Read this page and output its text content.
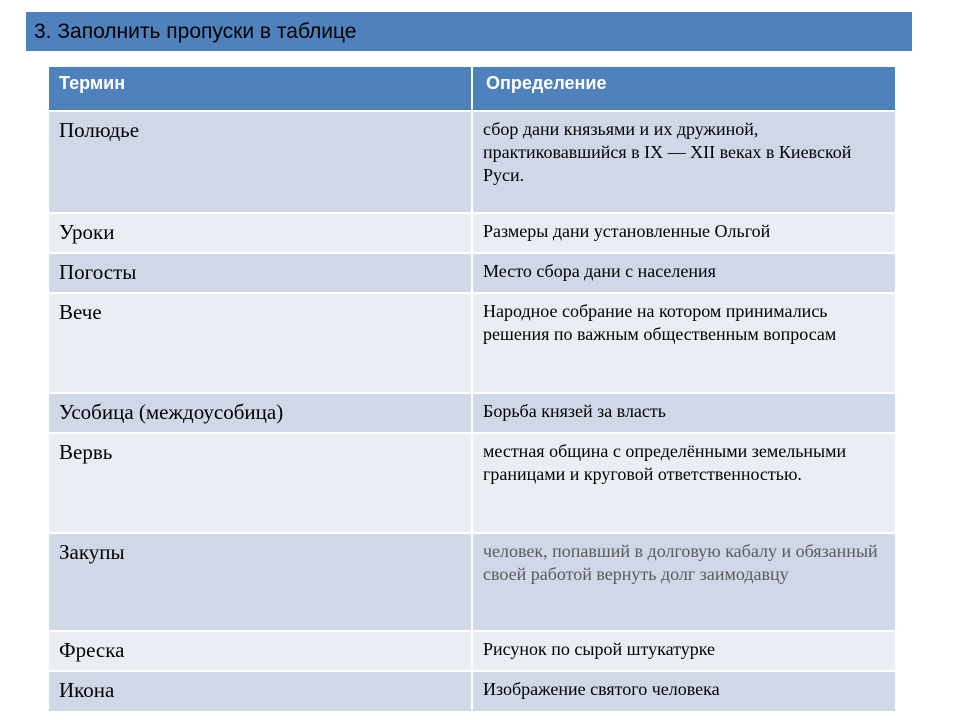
3. Заполнить пропуски в таблице
Термин	Определение
Полюдье	сбор дани князьями и их дружиной, практиковавшийся в IX — XII веках в Киевской Руси.
Уроки	Размеры дани установленные Ольгой
Погосты	Место сбора дани с населения
Вече	Народное собрание на котором принимались решения по важным общественным вопросам
Усобица (междоусобица)	Борьба князей за власть
Вервь	местная община с определёнными земельными границами и круговой ответственностью.
Закупы	человек, попавший в долговую кабалу и обязанный своей работой вернуть долг заимодавцу
Фреска	Рисунок по сырой штукатурке
Икона	Изображение святого человека
